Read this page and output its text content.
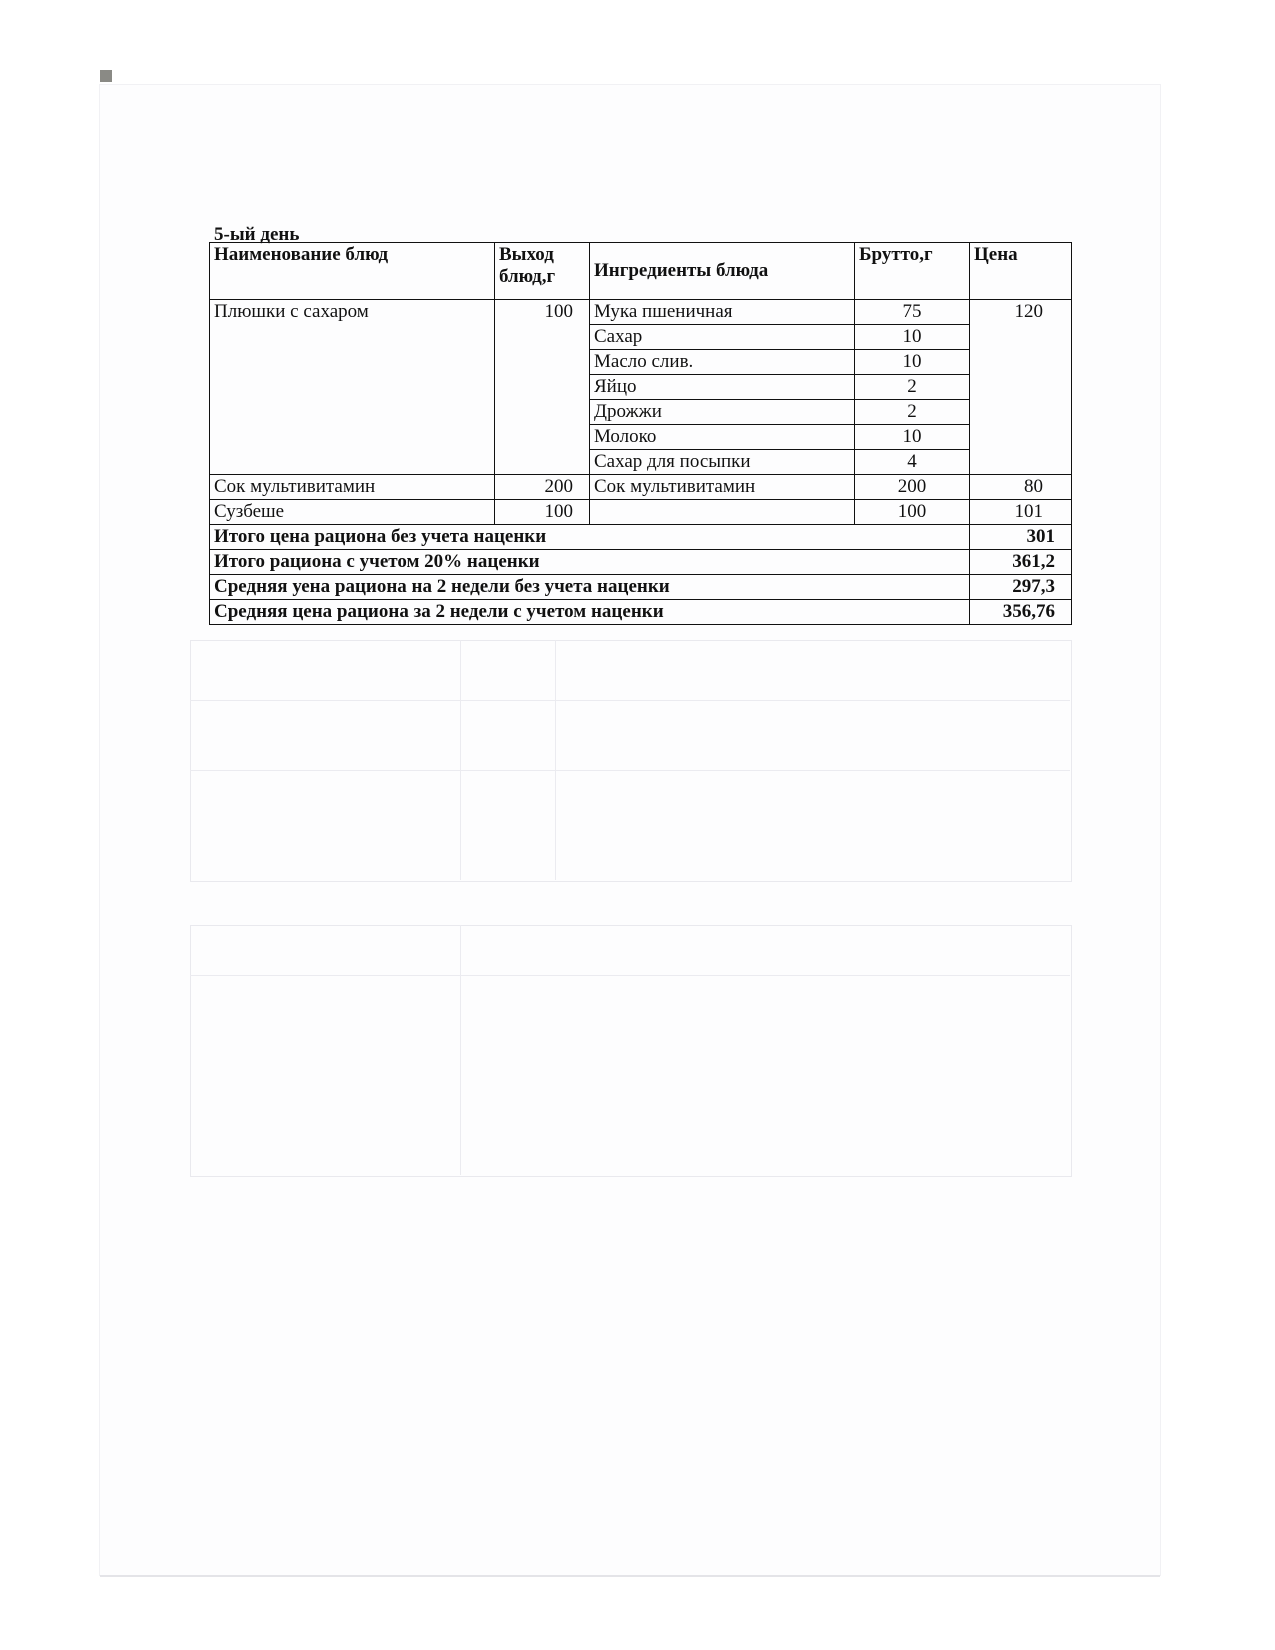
5-ый день
Наименование блюд	Выход блюд,г	Ингредиенты блюда	Брутто,г	Цена
Плюшки с сахаром	100	Мука пшеничная	75	120
		Сахар	10	
		Масло слив.	10	
		Яйцо	2	
		Дрожжи	2	
		Молоко	10	
		Сахар для посыпки	4	
Сок мультивитамин	200	Сок мультивитамин	200	80
Сузбеше	100		100	101
Итого цена рациона без учета наценки				301
Итого рациона с учетом 20% наценки				361,2
Средняя уена рациона на 2 недели без учета наценки				297,3
Средняя цена рациона за 2 недели с учетом наценки				356,76
